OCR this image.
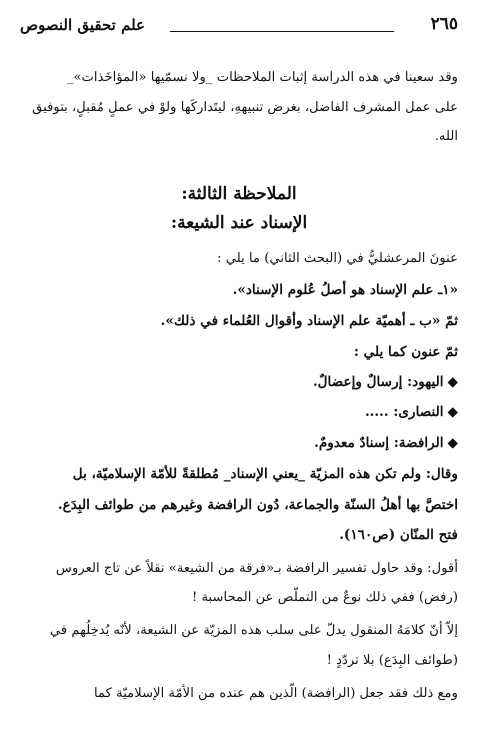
٢٦٥
علم تحقيق النصوص
وقد سعينا في هذه الدراسة إثبات الملاحظات _ولا نسمّيها «المؤاخَذات»_
على عمل المشرف الفاضل، بغرض تنبيههِ، ليتَداركَها ولوْ في عملٍ مُقبلٍ، بتوفيق
الله.
الملاحظة الثالثة:
الإسناد عند الشيعة:
عنونَ المرعشليُّ في (البحث الثاني) ما يلي :
«١ـ علم الإسناد هو أصلُ عُلوم الإسناد».
ثمّ «ب ـ أهميّة علم الإسناد وأقوال العُلماء في ذلك».
ثمّ عنون كما يلي :
◆اليهود: إرسالٌ وإعضالٌ.
◆النصارى: .....
◆الرافضة: إسنادٌ معدومٌ.
وقال: ولم تكن هذه المزيّة _يعني الإسناد_ مُطلقةً للأمّة الإسلاميّة، بل
اختصَّ بها أهلُ السنّة والجماعة، دُون الرافضة وغيرهم من طوائف البِدَع.
فتح المنّان (ص١٦٠).
أقول: وقد حاول تفسير الرافضة بـ«فرقة من الشيعة» نقلاً عن تاج العروس
(رفض) ففي ذلك نوعٌ من التملّص عن المحاسبة !
إلاّ أنّ كلامَهُ المنقول يدلّ على سلب هذه المزيّة عن الشيعة، لأنّه يُدخِلُهم في
(طوائف البِدَع) بلا تردّدٍ !
ومع ذلك فقد جعل (الرافضة) الّذين هم عنده من الأمّة الإسلاميّة كما
